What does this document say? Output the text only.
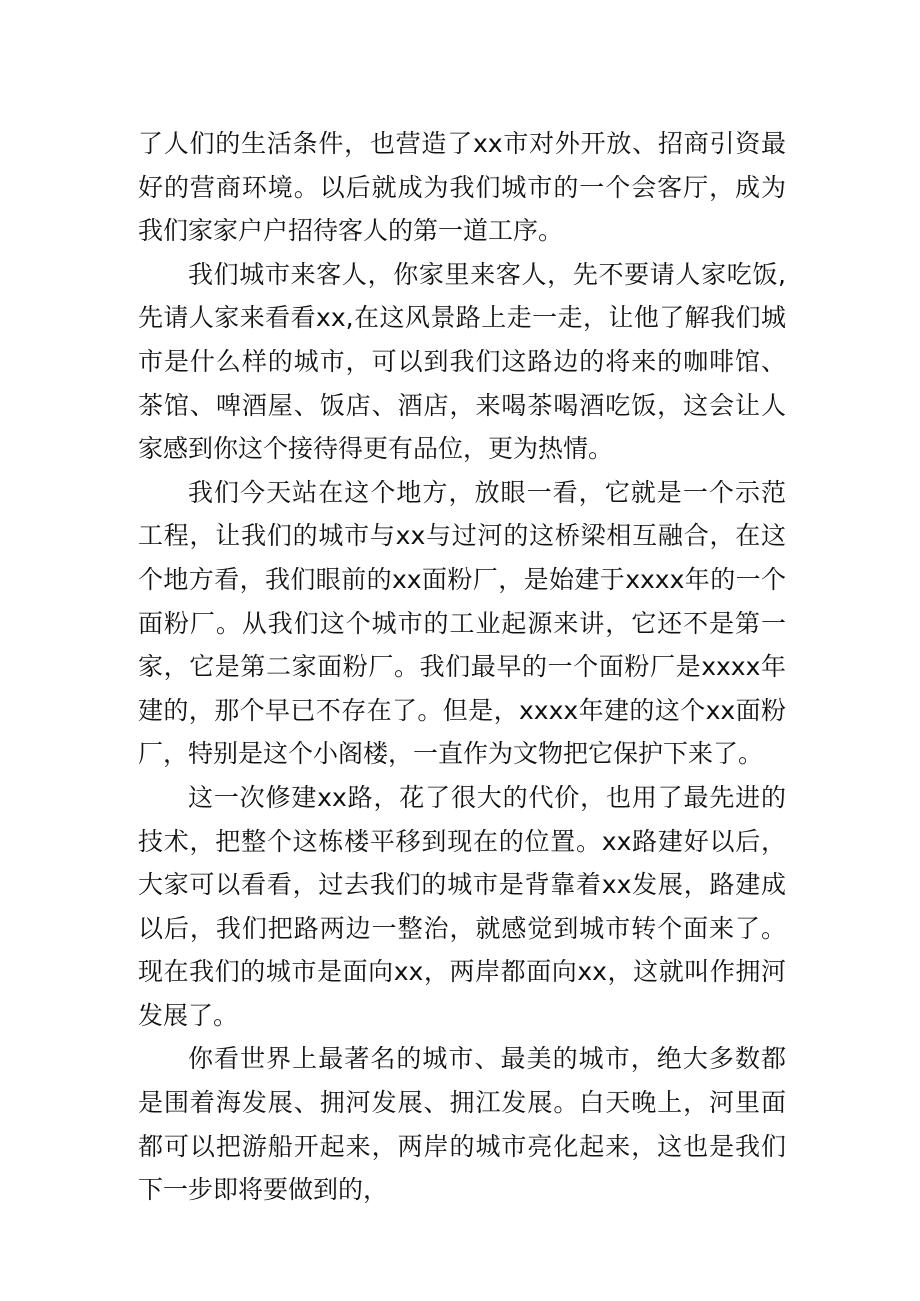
了人们的生活条件，也营造了xx市对外开放、招商引资最好的营商环境。以后就成为我们城市的一个会客厅，成为我们家家户户招待客人的第一道工序。

我们城市来客人，你家里来客人，先不要请人家吃饭,先请人家来看看xx,在这风景路上走一走，让他了解我们城市是什么样的城市，可以到我们这路边的将来的咖啡馆、茶馆、啤酒屋、饭店、酒店，来喝茶喝酒吃饭，这会让人家感到你这个接待得更有品位，更为热情。

我们今天站在这个地方，放眼一看，它就是一个示范工程，让我们的城市与xx与过河的这桥梁相互融合，在这个地方看，我们眼前的xx面粉厂，是始建于xxxx年的一个面粉厂。从我们这个城市的工业起源来讲，它还不是第一家，它是第二家面粉厂。我们最早的一个面粉厂是xxxx年建的，那个早已不存在了。但是，xxxx年建的这个xx面粉厂，特别是这个小阁楼，一直作为文物把它保护下来了。

这一次修建xx路，花了很大的代价，也用了最先进的技术，把整个这栋楼平移到现在的位置。xx路建好以后，大家可以看看，过去我们的城市是背靠着xx发展，路建成以后，我们把路两边一整治，就感觉到城市转个面来了。现在我们的城市是面向xx，两岸都面向xx，这就叫作拥河发展了。

你看世界上最著名的城市、最美的城市，绝大多数都是围着海发展、拥河发展、拥江发展。白天晚上，河里面都可以把游船开起来，两岸的城市亮化起来，这也是我们下一步即将要做到的，
